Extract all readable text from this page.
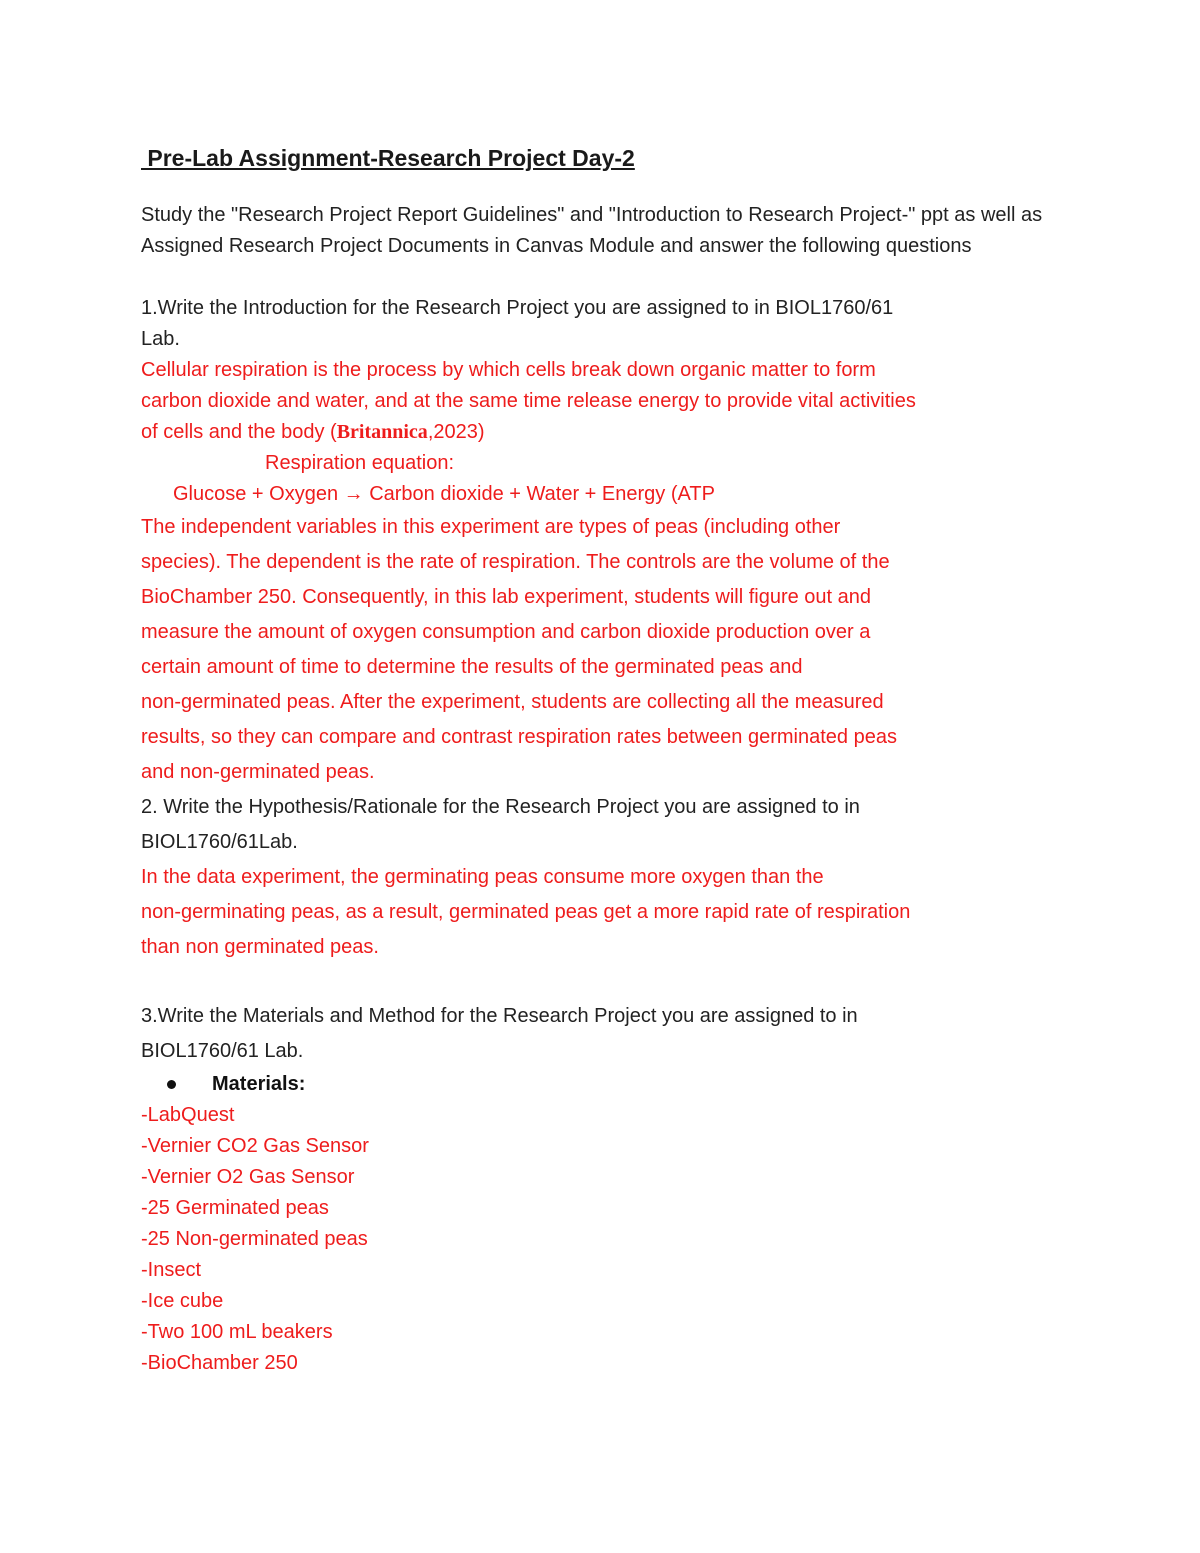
Pre-Lab Assignment-Research Project Day-2

Study the "Research Project Report Guidelines" and "Introduction to Research Project-" ppt as well as
Assigned Research Project Documents in Canvas Module and answer the following questions

1.Write the Introduction for the Research Project you are assigned to in BIOL1760/61
Lab.

Cellular respiration is the process by which cells break down organic matter to form
carbon dioxide and water, and at the same time release energy to provide vital activities
of cells and the body (Britannica,2023)
Respiration equation:
Glucose + Oxygen → Carbon dioxide + Water + Energy (ATP

The independent variables in this experiment are types of peas (including other
species). The dependent is the rate of respiration. The controls are the volume of the
BioChamber 250. Consequently, in this lab experiment, students will figure out and
measure the amount of oxygen consumption and carbon dioxide production over a
certain amount of time to determine the results of the germinated peas and
non-germinated peas. After the experiment, students are collecting all the measured
results, so they can compare and contrast respiration rates between germinated peas
and non-germinated peas.

2. Write the Hypothesis/Rationale for the Research Project you are assigned to in
BIOL1760/61Lab.

In the data experiment, the germinating peas consume more oxygen than the
non-germinating peas, as a result, germinated peas get a more rapid rate of respiration
than non germinated peas.

3.Write the Materials and Method for the Research Project you are assigned to in
BIOL1760/61 Lab.

Materials:
-LabQuest
-Vernier CO2 Gas Sensor
-Vernier O2 Gas Sensor
-25 Germinated peas
-25 Non-germinated peas
-Insect
-Ice cube
-Two 100 mL beakers
-BioChamber 250
